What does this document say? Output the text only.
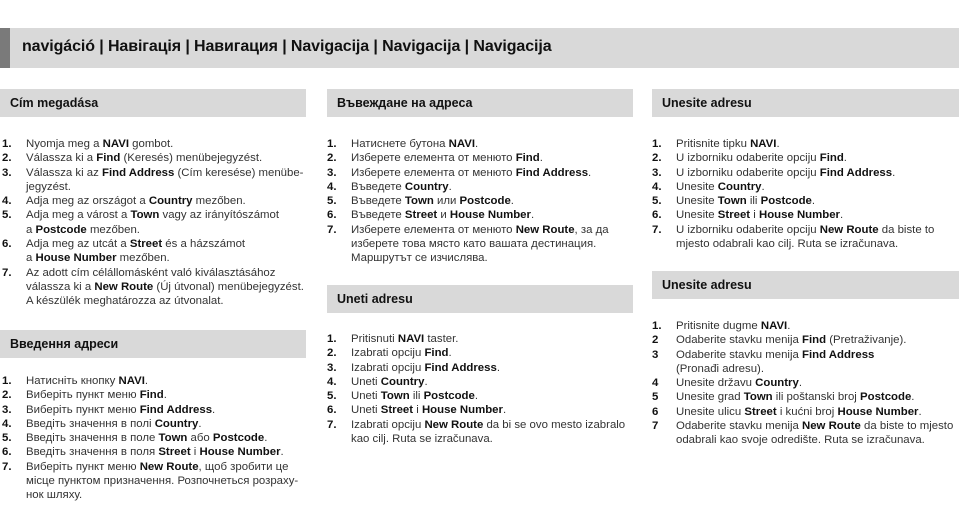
navigáció | Навігація | Навигация | Navigacija | Navigacija | Navigacija
Cím megadása
1. Nyomja meg a NAVI gombot.
2. Válassza ki a Find (Keresés) menübejegyzést.
3. Válassza ki az Find Address (Cím keresése) menübe-
jegyzést.
4. Adja meg az országot a Country mezőben.
5. Adja meg a várost a Town vagy az irányítószámot
a Postcode mezőben.
6. Adja meg az utcát a Street és a házszámot
a House Number mezőben.
7. Az adott cím célállomásként való kiválasztásához
válassza ki a New Route (Új útvonal) menübejegyzést.
A készülék meghatározza az útvonalat.
Введення адреси
1. Натисніть кнопку NAVI.
2. Виберіть пункт меню Find.
3. Виберіть пункт меню Find Address.
4. Введіть значення в полі Country.
5. Введіть значення в поле Town або Postcode.
6. Введіть значення в поля Street і House Number.
7. Виберіть пункт меню New Route, щоб зробити це
місце пунктом призначення. Розпочнеться розраху-
нок шляху.
Въвеждане на адреса
1. Натиснете бутона NAVI.
2. Изберете елемента от менюто Find.
3. Изберете елемента от менюто Find Address.
4. Въведете Country.
5. Въведете Town или Postcode.
6. Въведете Street и House Number.
7. Изберете елемента от менюто New Route, за да
изберете това място като вашата дестинация.
Маршрутът се изчислява.
Uneti adresu
1. Pritisnuti NAVI taster.
2. Izabrati opciju Find.
3. Izabrati opciju Find Address.
4. Uneti Country.
5. Uneti Town ili Postcode.
6. Uneti Street i House Number.
7. Izabrati opciju New Route da bi se ovo mesto izabralo
kao cilj. Ruta se izračunava.
Unesite adresu
1. Pritisnite tipku NAVI.
2. U izborniku odaberite opciju Find.
3. U izborniku odaberite opciju Find Address.
4. Unesite Country.
5. Unesite Town ili Postcode.
6. Unesite Street i House Number.
7. U izborniku odaberite opciju New Route da biste to
mjesto odabrali kao cilj. Ruta se izračunava.
Unesite adresu
1. Pritisnite dugme NAVI.
2 Odaberite stavku menija Find (Pretraživanje).
3 Odaberite stavku menija Find Address
(Pronađi adresu).
4 Unesite državu Country.
5 Unesite grad Town ili poštanski broj Postcode.
6 Unesite ulicu Street i kućni broj House Number.
7 Odaberite stavku menija New Route da biste to mjesto
odabrali kao svoje odredište. Ruta se izračunava.
